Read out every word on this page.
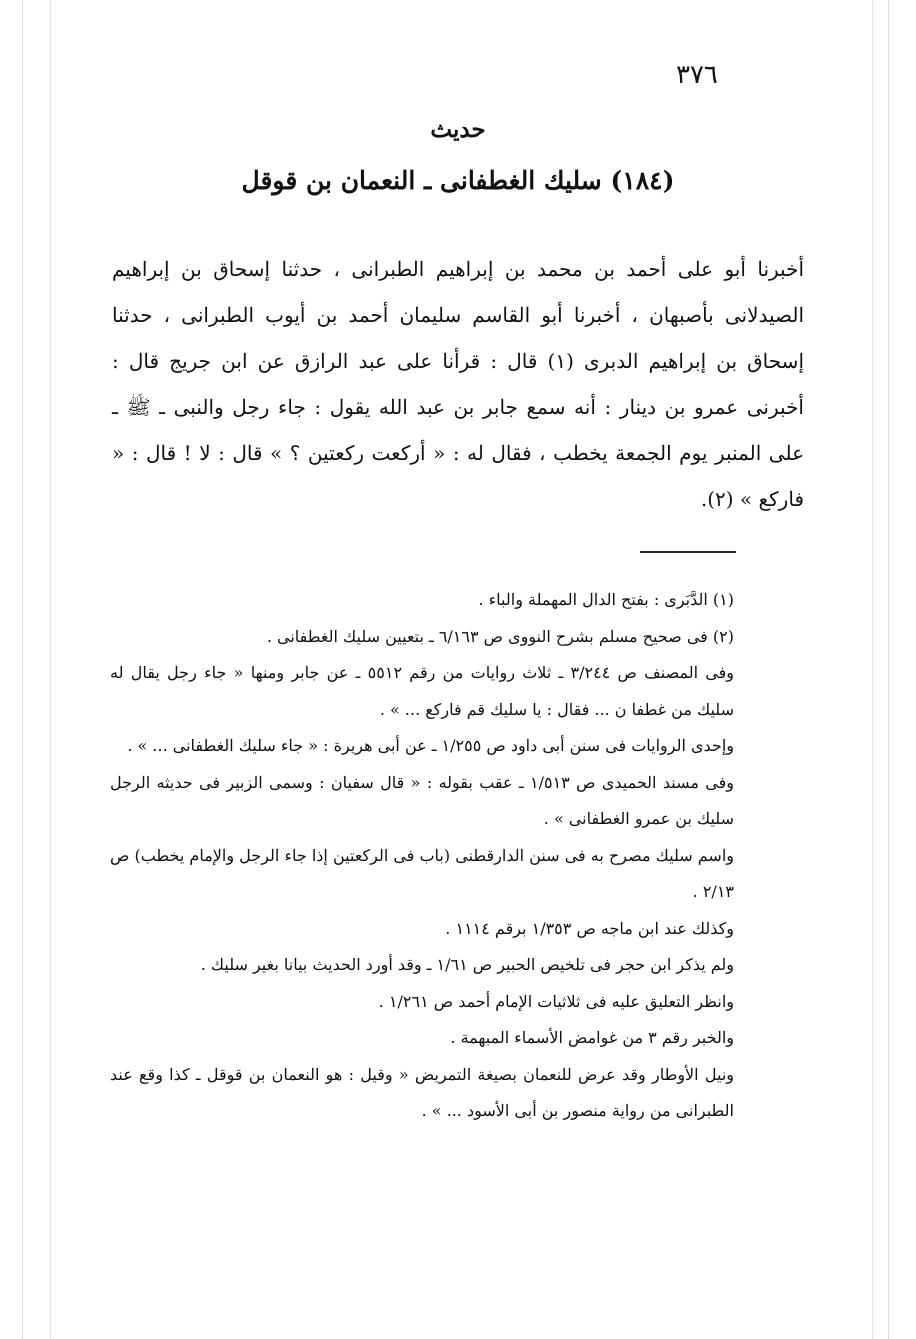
٣٧٦
حديث
(١٨٤) سليك الغطفانى ـ النعمان بن قوقل

أخبرنا أبو على أحمد بن محمد بن إبراهيم الطبرانى ، حدثنا إسحاق بن إبراهيم الصيدلانى بأصبهان ، أخبرنا أبو القاسم سليمان أحمد بن أيوب الطبرانى ، حدثنا إسحاق بن إبراهيم الدبرى (١) قال : قرأنا على عبد الرازق عن ابن جريج قال : أخبرنى عمرو بن دينار : أنه سمع جابر بن عبد الله يقول : جاء رجل والنبى ـ ﷺ ـ على المنبر يوم الجمعة يخطب ، فقال له : « أركعت ركعتين ؟ » قال : لا ! قال : « فاركع » (٢).

(١) الدَّبَرى : بفتح الدال المهملة والباء .

(٢) فى صحيح مسلم بشرح النووى ص ٦/١٦٣ ـ بتعيين سليك الغطفانى .

وفى المصنف ص ٣/٢٤٤ ـ ثلاث روايات من رقم ٥٥١٢ ـ عن جابر ومنها « جاء رجل يقال له سليك من غطفا ن ... فقال : يا سليك قم فاركع ... » .

وإحدى الروايات فى سنن أبى داود ص ١/٢٥٥ ـ عن أبى هريرة : « جاء سليك الغطفانى ... » .

وفى مسند الحميدى ص ١/٥١٣ ـ عقب بقوله : « قال سفيان : وسمى الزبير فى حديثه الرجل سليك بن عمرو الغطفانى » .

واسم سليك مصرح به فى سنن الدارقطنى (باب فى الركعتين إذا جاء الرجل والإمام يخطب) ص ٢/١٣ .

وكذلك عند ابن ماجه ص ١/٣٥٣ برقم ١١١٤ .

ولم يذكر ابن حجر فى تلخيص الحبير ص ١/٦١ ـ وقد أورد الحديث بيانا بغير سليك .

وانظر التعليق عليه فى ثلاثيات الإمام أحمد ص ١/٢٦١ .

والخبر رقم ٣ من غوامض الأسماء المبهمة .

ونيل الأوطار وقد عرض للنعمان بصيغة التمريض « وقيل : هو النعمان بن قوقل ـ كذا وقع عند الطبرانى من رواية منصور بن أبى الأسود ... » .
